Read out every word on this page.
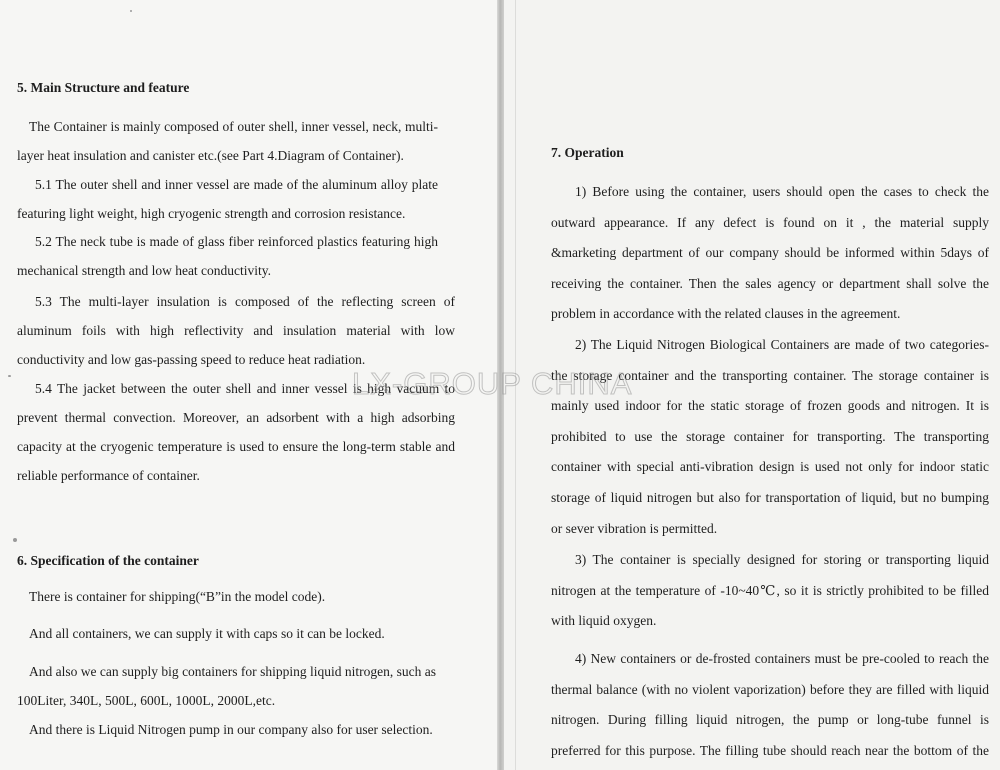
5. Main Structure and feature
The Container is mainly composed of outer shell, inner vessel, neck, multi-
layer heat insulation and canister etc.(see Part 4.Diagram of Container).
5.1 The outer shell and inner vessel are made of the aluminum alloy plate
featuring light weight, high cryogenic strength and corrosion resistance.
5.2 The neck tube is made of glass fiber reinforced plastics featuring high
mechanical strength and low heat conductivity.
5.3 The multi-layer insulation is composed of the reflecting screen of
aluminum foils with high reflectivity and insulation material with low
conductivity and low gas-passing speed to reduce heat radiation.
5.4 The jacket between the outer shell and inner vessel is high vacuum to
prevent thermal convection. Moreover, an adsorbent with a high adsorbing
capacity at the cryogenic temperature is used to ensure the long-term stable and
reliable performance of container.
6. Specification of the container
There is container for shipping(“B”in the model code).
And all containers, we can supply it with caps so it can be locked.
And also we can supply big containers for shipping liquid nitrogen, such as
100Liter, 340L, 500L, 600L, 1000L, 2000L,etc.
And there is Liquid Nitrogen pump in our company also for user selection.
7. Operation
1) Before using the container, users should open the cases to check the
outward appearance. If any defect is found on it , the material supply
&marketing department of our company should be informed within 5days of
receiving the container. Then the sales agency or department shall solve the
problem in accordance with the related clauses in the agreement.
2) The Liquid Nitrogen Biological Containers are made of two categories-
the storage container and the transporting container. The storage container is
mainly used indoor for the static storage of frozen goods and nitrogen. It is
prohibited to use the storage container for transporting. The transporting
container with special anti-vibration design is used not only for indoor static
storage of liquid nitrogen but also for transportation of liquid, but no bumping
or sever vibration is permitted.
3) The container is specially designed for storing or transporting liquid
nitrogen at the temperature of -10~40℃, so it is strictly prohibited to be filled
with liquid oxygen.
4) New containers or de-frosted containers must be pre-cooled to reach the
thermal balance (with no violent vaporization) before they are filled with liquid
nitrogen. During filling liquid nitrogen, the pump or long-tube funnel is
preferred for this purpose. The filling tube should reach near the bottom of the
LX-GROUP CHINA
